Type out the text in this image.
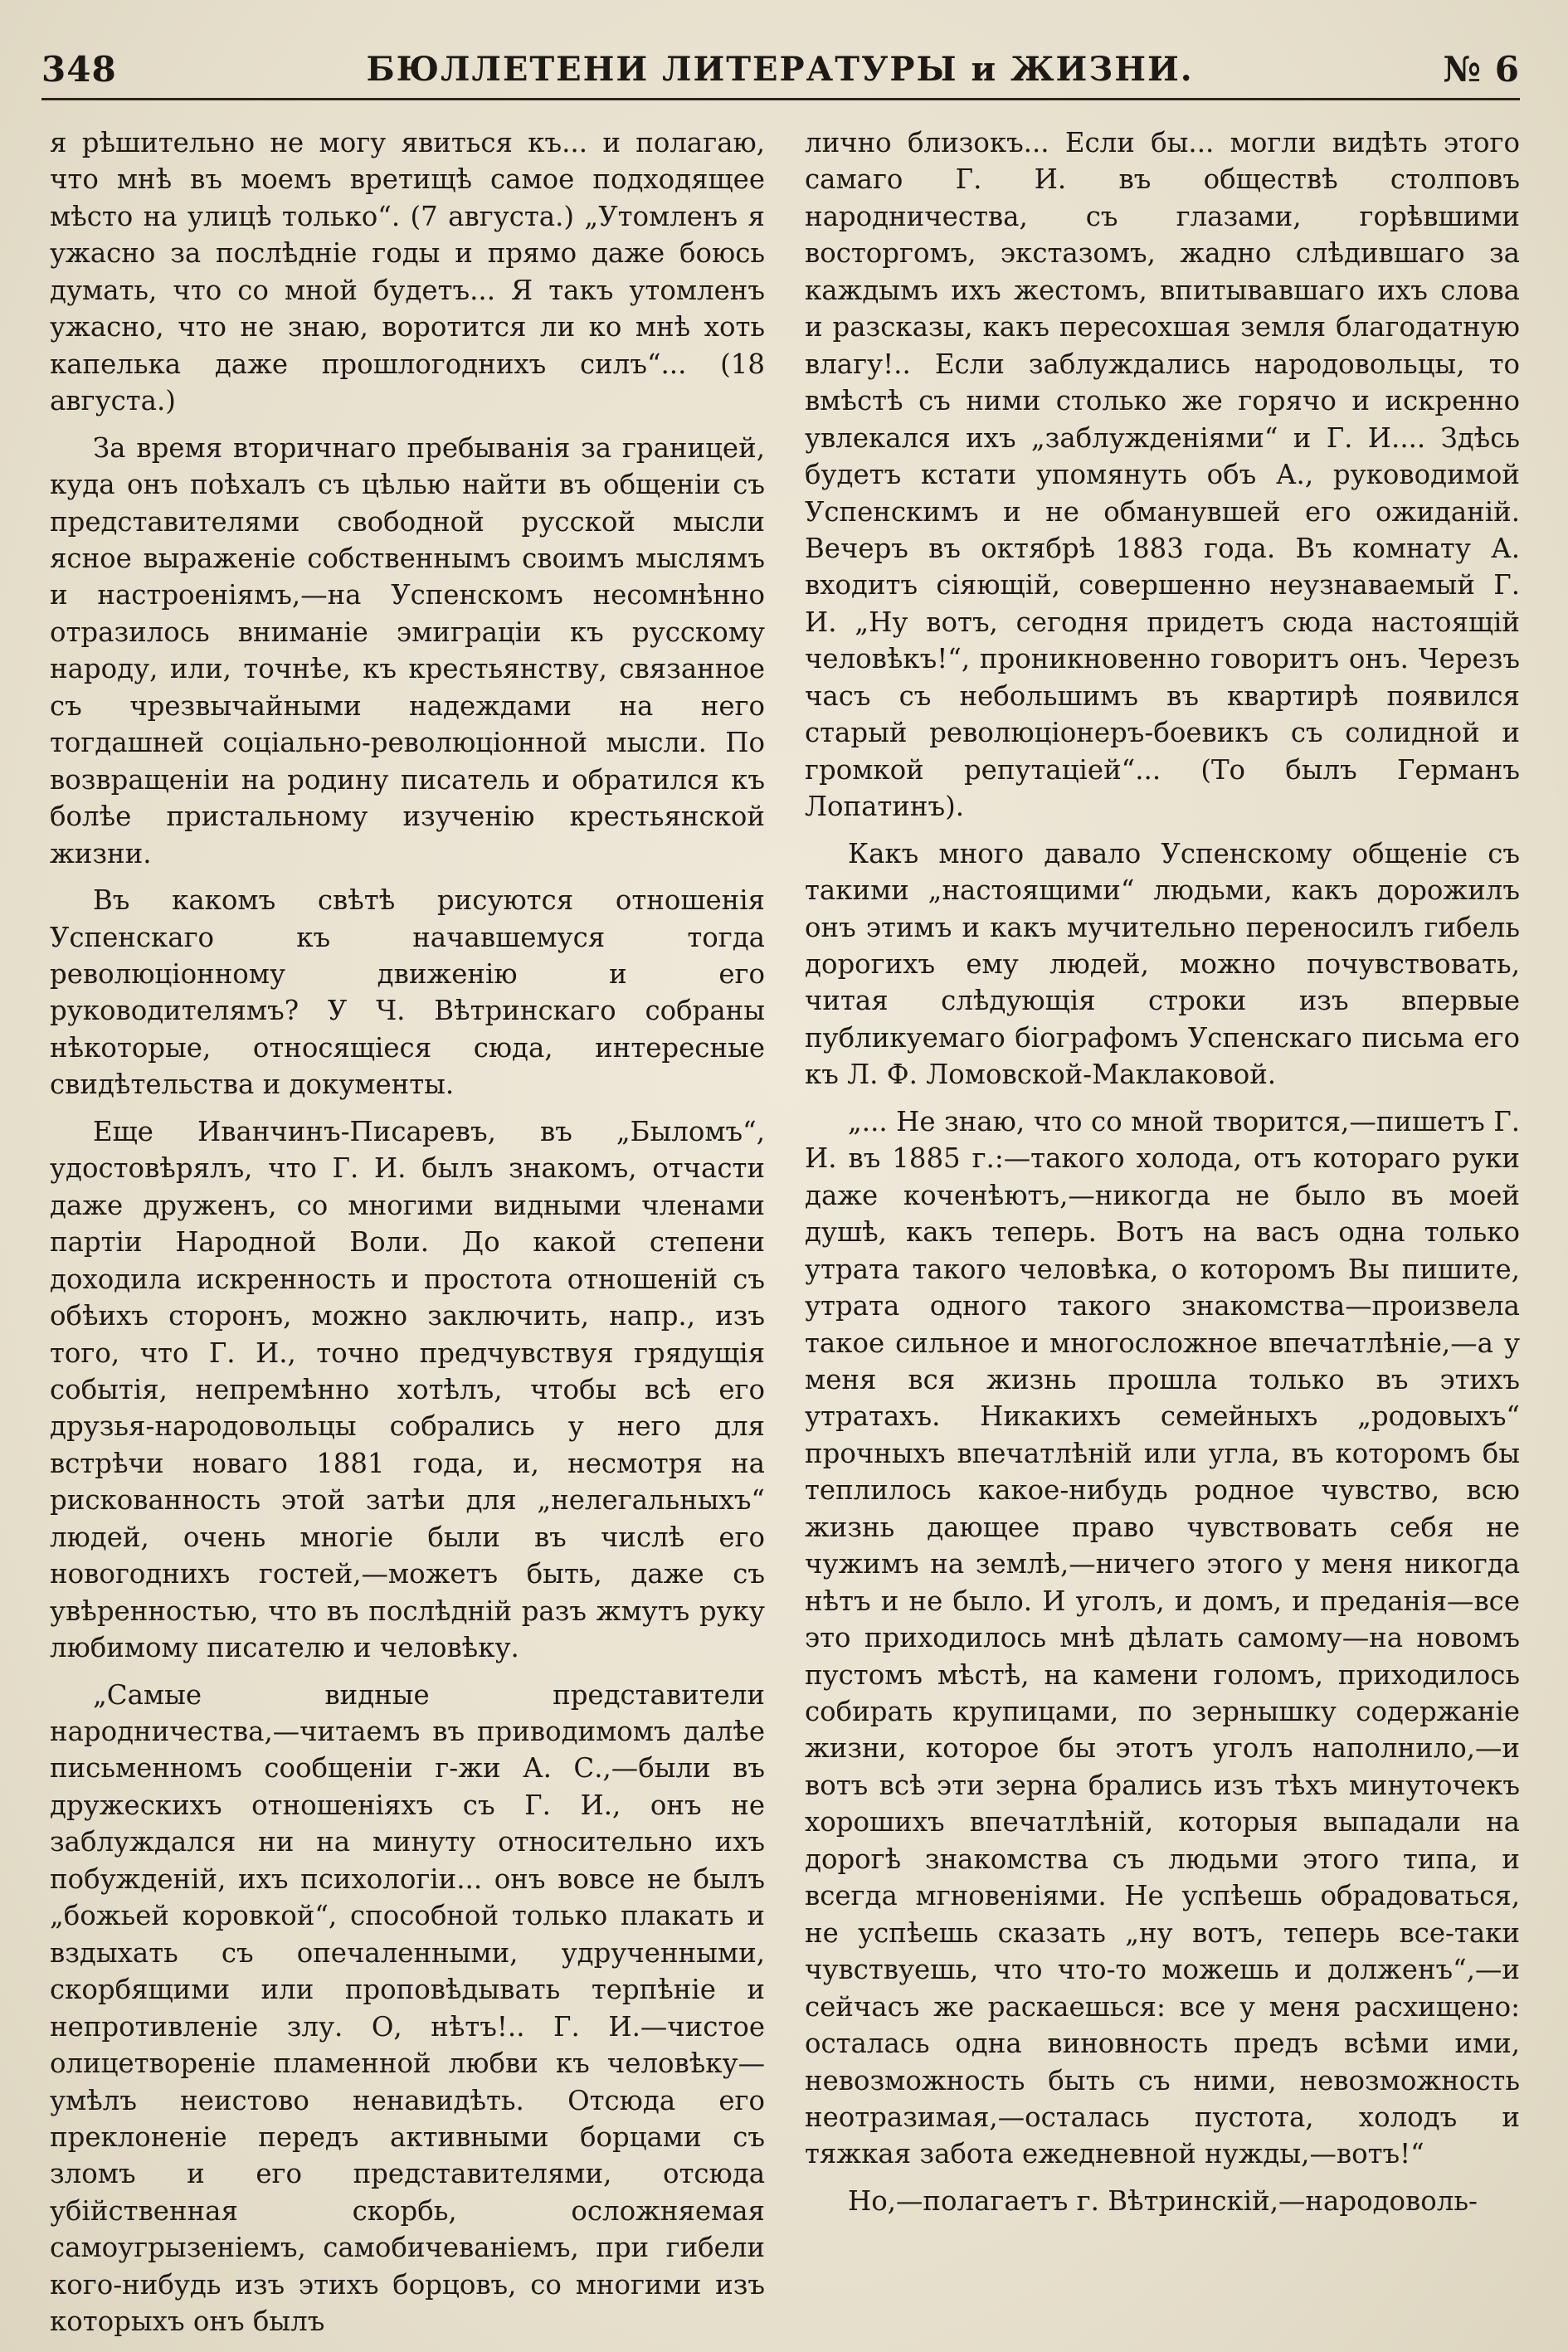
348	БЮЛЛЕТЕНИ ЛИТЕРАТУРЫ и ЖИЗНИ.	№ 6

я рѣшительно не могу явиться къ... и полагаю, что мнѣ въ моемъ вретищѣ самое подходящее мѣсто на улицѣ только“. (7 августа.) „Утомленъ я ужасно за послѣдніе годы и прямо даже боюсь думать, что со мной будетъ... Я такъ утомленъ ужасно, что не знаю, воротится ли ко мнѣ хоть капелька даже прошлогоднихъ силъ“... (18 августа.)

За время вторичнаго пребыванія за границей, куда онъ поѣхалъ съ цѣлью найти въ общеніи съ представителями свободной русской мысли ясное выраженіе собственнымъ своимъ мыслямъ и настроеніямъ,—на Успенскомъ несомнѣнно отразилось вниманіе эмиграціи къ русскому народу, или, точнѣе, къ крестьянству, связанное съ чрезвычайными надеждами на него тогдашней соціально-революціонной мысли. По возвращеніи на родину писатель и обратился къ болѣе пристальному изученію крестьянской жизни.

Въ какомъ свѣтѣ рисуются отношенія Успенскаго къ начавшемуся тогда революціонному движенію и его руководителямъ? У Ч. Вѣтринскаго собраны нѣкоторые, относящіеся сюда, интересные свидѣтельства и документы.

Еще Иванчинъ-Писаревъ, въ „Быломъ“, удостовѣрялъ, что Г. И. былъ знакомъ, отчасти даже друженъ, со многими видными членами партіи Народной Воли. До какой степени доходила искренность и простота отношеній съ обѣихъ сторонъ, можно заключить, напр., изъ того, что Г. И., точно предчувствуя грядущія событія, непремѣнно хотѣлъ, чтобы всѣ его друзья-народовольцы собрались у него для встрѣчи новаго 1881 года, и, несмотря на рискованность этой затѣи для „нелегальныхъ“ людей, очень многіе были въ числѣ его новогоднихъ гостей,—можетъ быть, даже съ увѣренностью, что въ послѣдній разъ жмутъ руку любимому писателю и человѣку.

„Самые видные представители народничества,—читаемъ въ приводимомъ далѣе письменномъ сообщеніи г-жи А. С.,—были въ дружескихъ отношеніяхъ съ Г. И., онъ не заблуждался ни на минуту относительно ихъ побужденій, ихъ психологіи... онъ вовсе не былъ „божьей коровкой“, способной только плакать и вздыхать съ опечаленными, удрученными, скорбящими или проповѣдывать терпѣніе и непротивленіе злу. О, нѣтъ!.. Г. И.—чистое олицетвореніе пламенной любви къ человѣку—умѣлъ неистово ненавидѣть. Отсюда его преклоненіе передъ активными борцами съ зломъ и его представителями, отсюда убійственная скорбь, осложняемая самоугрызеніемъ, самобичеваніемъ, при гибели кого-нибудь изъ этихъ борцовъ, со многими изъ которыхъ онъ былъ

лично близокъ... Если бы... могли видѣть этого самаго Г. И. въ обществѣ столповъ народничества, съ глазами, горѣвшими восторгомъ, экстазомъ, жадно слѣдившаго за каждымъ ихъ жестомъ, впитывавшаго ихъ слова и разсказы, какъ пересохшая земля благодатную влагу!.. Если заблуждались народовольцы, то вмѣстѣ съ ними столько же горячо и искренно увлекался ихъ „заблужденіями“ и Г. И.... Здѣсь будетъ кстати упомянуть объ А., руководимой Успенскимъ и не обманувшей его ожиданій. Вечеръ въ октябрѣ 1883 года. Въ комнату А. входитъ сіяющій, совершенно неузнаваемый Г. И. „Ну вотъ, сегодня придетъ сюда настоящій человѣкъ!“, проникновенно говоритъ онъ. Черезъ часъ съ небольшимъ въ квартирѣ появился старый революціонеръ-боевикъ съ солидной и громкой репутаціей“... (То былъ Германъ Лопатинъ).

Какъ много давало Успенскому общеніе съ такими „настоящими“ людьми, какъ дорожилъ онъ этимъ и какъ мучительно переносилъ гибель дорогихъ ему людей, можно почувствовать, читая слѣдующія строки изъ впервые публикуемаго біографомъ Успенскаго письма его къ Л. Ф. Ломовской-Маклаковой.

„... Не знаю, что со мной творится,—пишетъ Г. И. въ 1885 г.:—такого холода, отъ котораго руки даже коченѣютъ,—никогда не было въ моей душѣ, какъ теперь. Вотъ на васъ одна только утрата такого человѣка, о которомъ Вы пишите, утрата одного такого знакомства—произвела такое сильное и многосложное впечатлѣніе,—а у меня вся жизнь прошла только въ этихъ утратахъ. Никакихъ семейныхъ „родовыхъ“ прочныхъ впечатлѣній или угла, въ которомъ бы теплилось какое-нибудь родное чувство, всю жизнь дающее право чувствовать себя не чужимъ на землѣ,—ничего этого у меня никогда нѣтъ и не было. И уголъ, и домъ, и преданія—все это приходилось мнѣ дѣлать самому—на новомъ пустомъ мѣстѣ, на камени голомъ, приходилось собирать крупицами, по зернышку содержаніе жизни, которое бы этотъ уголъ наполнило,—и вотъ всѣ эти зерна брались изъ тѣхъ минуточекъ хорошихъ впечатлѣній, которыя выпадали на дорогѣ знакомства съ людьми этого типа, и всегда мгновеніями. Не успѣешь обрадоваться, не успѣешь сказать „ну вотъ, теперь все-таки чувствуешь, что что-то можешь и долженъ“,—и сейчасъ же раскаешься: все у меня расхищено: осталась одна виновность предъ всѣми ими, невозможность быть съ ними, невозможность неотразимая,—осталась пустота, холодъ и тяжкая забота ежедневной нужды,—вотъ!“

Но,—полагаетъ г. Вѣтринскій,—народоволь-
